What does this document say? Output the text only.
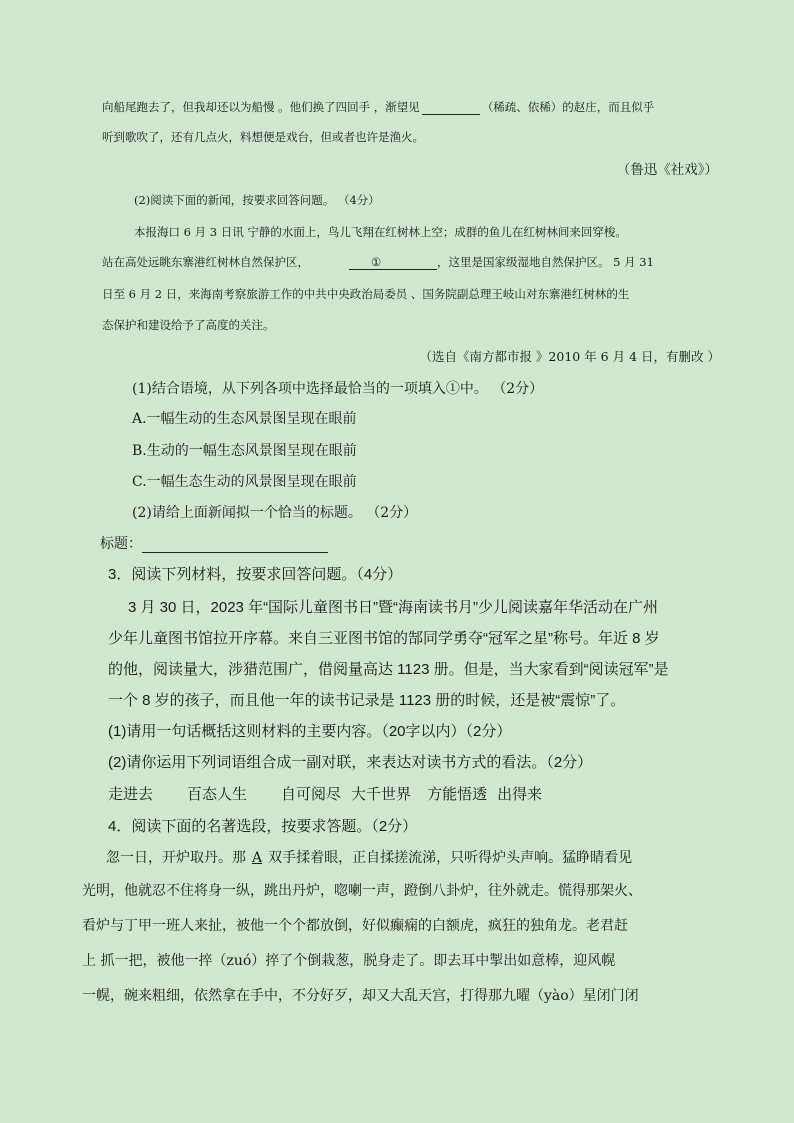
向船尾跑去了，但我却还以为船慢 。他们换了四回手 ，渐望见	（稀疏、依稀）的赵庄，而且似乎
听到歌吹了，还有几点火，料想便是戏台，但或者也许是渔火。
（鲁迅《社戏》）
(2)阅读下面的新闻，按要求回答问题。 （4分）
本报海口 6 月 3 日讯 宁静的水面上，鸟儿飞翔在红树林上空；成群的鱼儿在红树林间来回穿梭。
站在高处远眺东寨港红树林自然保护区，	①	，这里是国家级湿地自然保护区。 5 月 31
日至 6 月 2 日，来海南考察旅游工作的中共中央政治局委员 、国务院副总理王岐山对东寨港红树林的生
态保护和建设给予了高度的关注。
（选自《南方都市报 》2010 年 6 月 4 日，有删改 ）
(1)结合语境，从下列各项中选择最恰当的一项填入①中。 （2分）
A.一幅生动的生态风景图呈现在眼前
B.生动的一幅生态风景图呈现在眼前
C.一幅生态生动的风景图呈现在眼前
(2)请给上面新闻拟一个恰当的标题。 （2分）
标题：
3．阅读下列材料，按要求回答问题。（4分）
3 月 30 日，2023 年“国际儿童图书日”暨“海南读书月”少儿阅读嘉年华活动在广州
少年儿童图书馆拉开序幕。来自三亚图书馆的郜同学勇夺“冠军之星”称号。年近 8 岁
的他，阅读量大，涉猎范围广，借阅量高达 1123 册。但是，当大家看到“阅读冠军”是
一个 8 岁的孩子，而且他一年的读书记录是 1123 册的时候，还是被“震惊”了。
(1)请用一句话概括这则材料的主要内容。（20字以内）（2分）
(2)请你运用下列词语组合成一副对联，来表达对读书方式的看法。（2分）
走进去 百态人生 自可阅尽 大千世界 方能悟透 出得来
4．阅读下面的名著选段，按要求答题。（2分）
忽一日，开炉取丹。那 A 双手揉着眼，正自揉搓流涕，只听得炉头声响。猛睁睛看见
光明，他就忍不住将身一纵，跳出丹炉，唿喇一声，蹬倒八卦炉，往外就走。慌得那架火、
看炉与丁甲一班人来扯，被他一个个都放倒，好似癫痫的白额虎，疯狂的独角龙。老君赶
上 抓一把，被他一捽（zuó）捽了个倒栽葱，脱身走了。即去耳中掣出如意棒，迎风幌
一幌，碗来粗细，依然拿在手中，不分好歹，却又大乱天宫，打得那九曜（yào）星闭门闭
